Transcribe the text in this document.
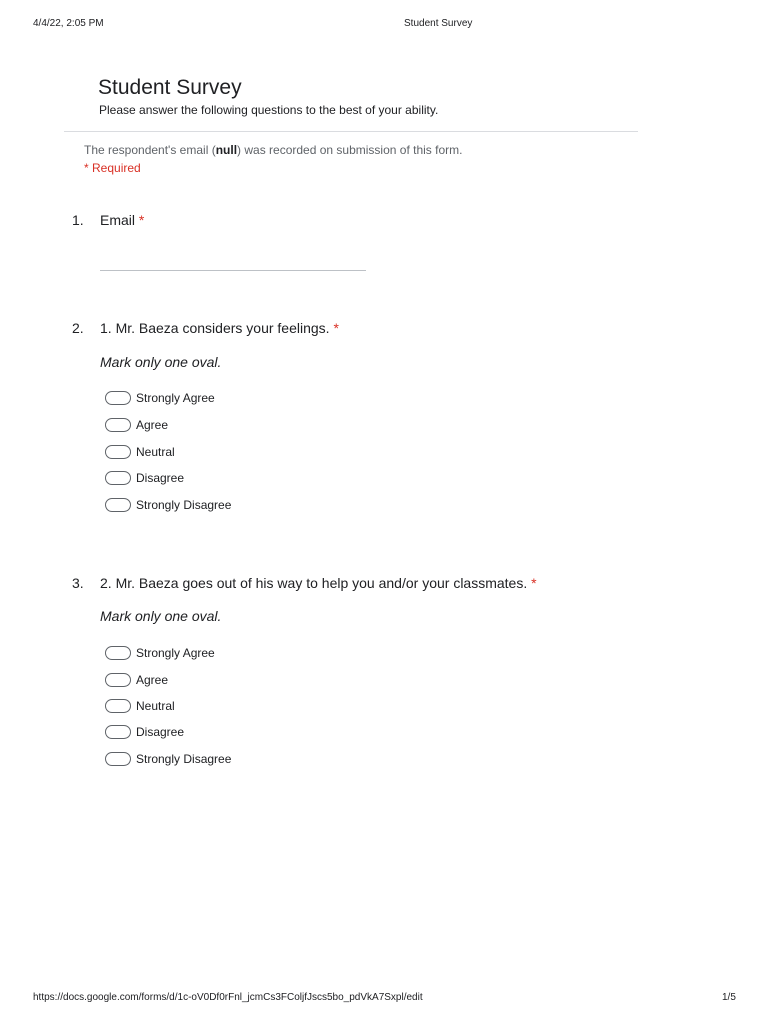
4/4/22, 2:05 PM	Student Survey
Student Survey
Please answer the following questions to the best of your ability.
The respondent's email (null) was recorded on submission of this form.
* Required
1. Email *
2. 1. Mr. Baeza considers your feelings. *
Mark only one oval.
Strongly Agree
Agree
Neutral
Disagree
Strongly Disagree
3. 2. Mr. Baeza goes out of his way to help you and/or your classmates. *
Mark only one oval.
Strongly Agree
Agree
Neutral
Disagree
Strongly Disagree
https://docs.google.com/forms/d/1c-oV0Df0rFnl_jcmCs3FColjfJscs5bo_pdVkA7Sxpl/edit	1/5
